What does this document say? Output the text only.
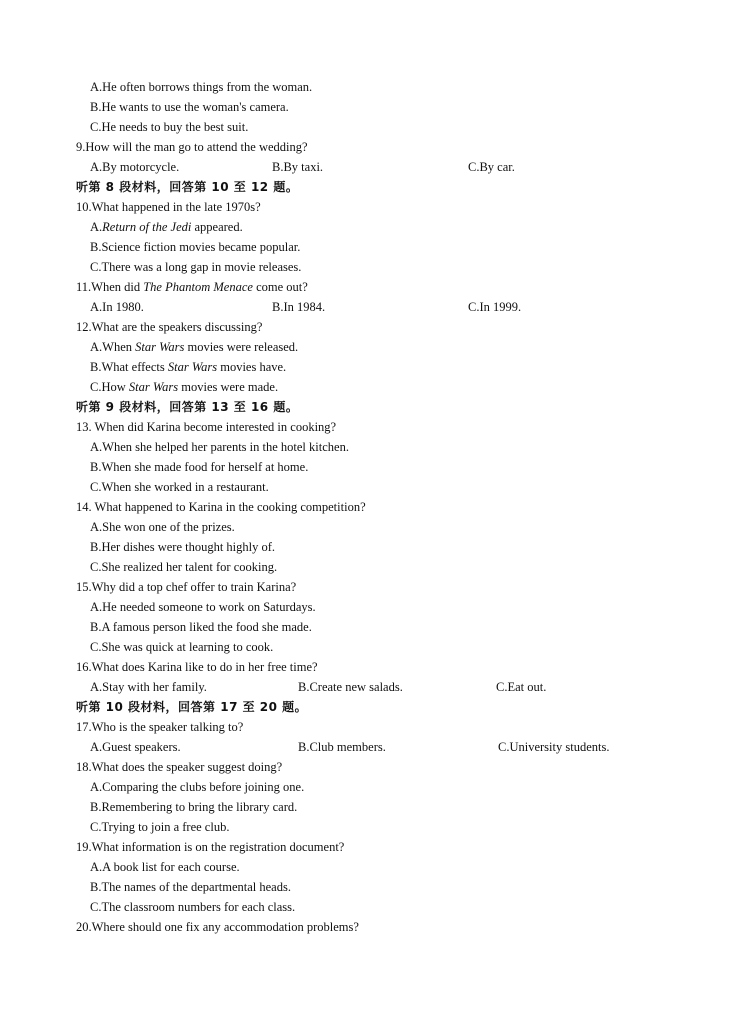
A.He often borrows things from the woman.
B.He wants to use the woman's camera.
C.He needs to buy the best suit.
9.How will the man go to attend the wedding?
A.By motorcycle.	B.By taxi.	C.By car.
听第 8 段材料，回答第 10 至 12 题。
10.What happened in the late 1970s?
A.Return of the Jedi appeared.
B.Science fiction movies became popular.
C.There was a long gap in movie releases.
11.When did The Phantom Menace come out?
A.In 1980.	B.In 1984.	C.In 1999.
12.What are the speakers discussing?
A.When Star Wars movies were released.
B.What effects Star Wars movies have.
C.How Star Wars movies were made.
听第 9 段材料，回答第 13 至 16 题。
13. When did Karina become interested in cooking?
A.When she helped her parents in the hotel kitchen.
B.When she made food for herself at home.
C.When she worked in a restaurant.
14. What happened to Karina in the cooking competition?
A.She won one of the prizes.
B.Her dishes were thought highly of.
C.She realized her talent for cooking.
15.Why did a top chef offer to train Karina?
A.He needed someone to work on Saturdays.
B.A famous person liked the food she made.
C.She was quick at learning to cook.
16.What does Karina like to do in her free time?
A.Stay with her family.	B.Create new salads.	C.Eat out.
听第 10 段材料，回答第 17 至 20 题。
17.Who is the speaker talking to?
A.Guest speakers.	B.Club members.	C.University students.
18.What does the speaker suggest doing?
A.Comparing the clubs before joining one.
B.Remembering to bring the library card.
C.Trying to join a free club.
19.What information is on the registration document?
A.A book list for each course.
B.The names of the departmental heads.
C.The classroom numbers for each class.
20.Where should one fix any accommodation problems?
